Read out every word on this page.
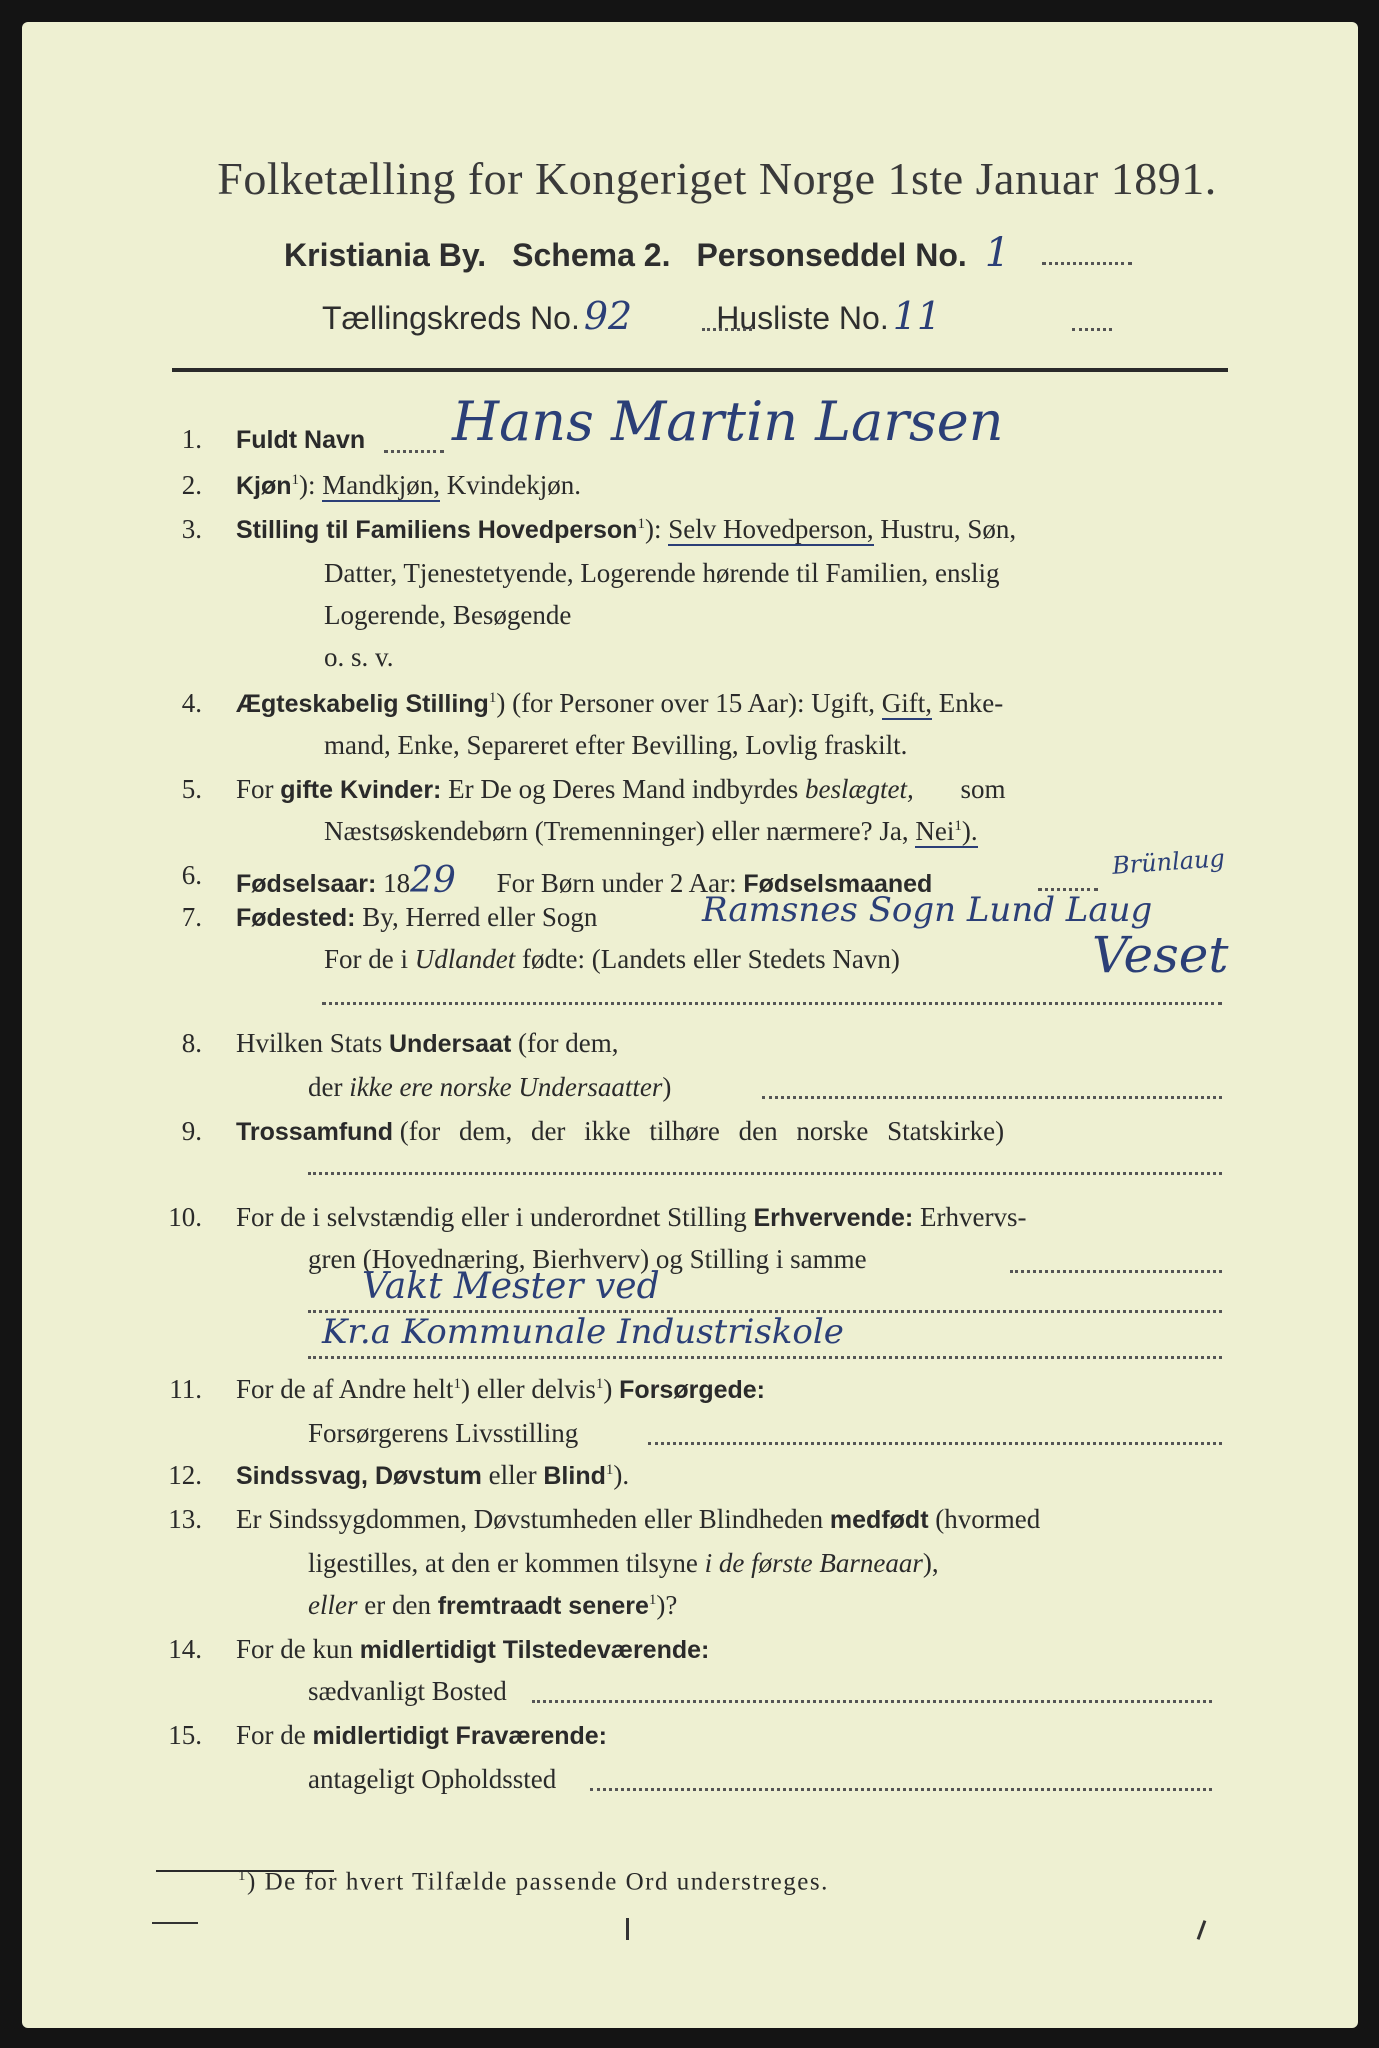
Folketælling for Kongeriget Norge 1ste Januar 1891.
Kristiania By. Schema 2. Personseddel No. 1
Tællingskreds No. 92	Husliste No. 11
1. Fuldt Navn Hans Martin Larsen
2. Kjøn$^1$): Mandkjøn, Kvindekjøn.
3. Stilling til Familiens Hovedperson$^1$): Selv Hovedperson, Hustru, Søn,
Datter, Tjenestetyende, Logerende hørende til Familien, enslig
Logerende, Besøgende
o. s. v.
4. Ægteskabelig Stilling$^1$) (for Personer over 15 Aar): Ugift, Gift, Enke-
mand, Enke, Separeret efter Bevilling, Lovlig fraskilt.
5. For gifte Kvinder: Er De og Deres Mand indbyrdes beslægtet, som
Næstsøskendebørn (Tremenninger) eller nærmere? Ja, Nei$^1$).
6. Fødselsaar: 1829 For Børn under 2 Aar: Fødselsmaaned
Brünlaug
7. Fødested: By, Herred eller Sogn	Ramsnes Sogn Lund Laug
For de i Udlandet fødte: (Landets eller Stedets Navn)	Veset
8. Hvilken Stats Undersaat (for dem,
der ikke ere norske Undersaatter)
9. Trossamfund (for dem, der ikke tilhøre den norske Statskirke)
10. For de i selvstændig eller i underordnet Stilling Erhvervende: Erhvervs-
gren (Hovednæring, Bierhverv) og Stilling i samme
Vakt Mester ved
Kr.a Kommunale Industriskole
11. For de af Andre helt$^1$) eller delvis$^1$) Forsørgede:
Forsørgerens Livsstilling
12. Sindssvag, Døvstum eller Blind$^1$).
13. Er Sindssygdommen, Døvstumheden eller Blindheden medfødt (hvormed
ligestilles, at den er kommen tilsyne i de første Barneaar),
eller er den fremtraadt senere$^1$)?
14. For de kun midlertidigt Tilstedeværende:
sædvanligt Bosted
15. For de midlertidigt Fraværende:
antageligt Opholdssted
$^1$) De for hvert Tilfælde passende Ord understreges.
